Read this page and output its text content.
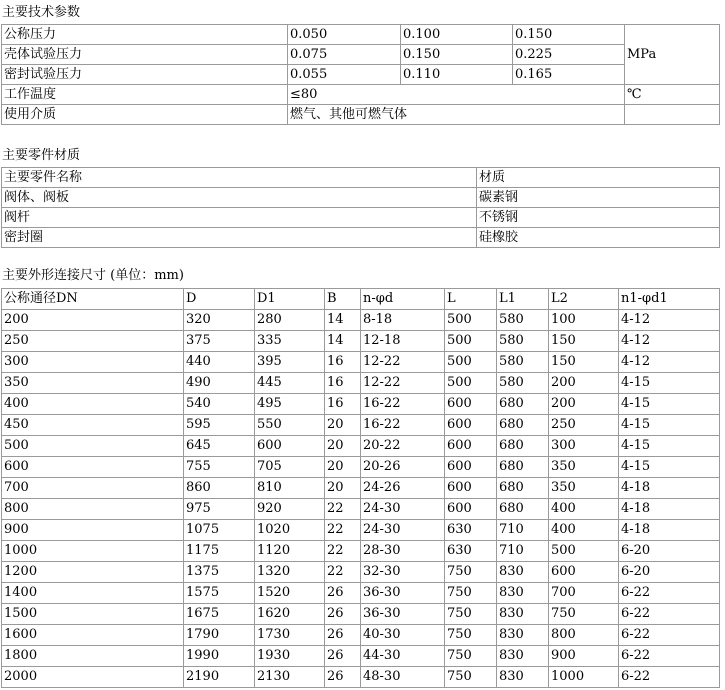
主要技术参数
公称压力	0.050	0.100	0.150	MPa
壳体试验压力	0.075	0.150	0.225	
密封试验压力	0.055	0.110	0.165	
工作温度	≤80			℃
使用介质	燃气、其他可燃气体			
主要零件材质
主要零件名称	材质
阀体、阀板	碳素钢
阀杆	不锈钢
密封圈	硅橡胶
主要外形连接尺寸 (单位：mm)
公称通径DN	D	D1	B	n-φd	L	L1	L2	n1-φd1
200	320	280	14	8-18	500	580	100	4-12
250	375	335	14	12-18	500	580	150	4-12
300	440	395	16	12-22	500	580	150	4-12
350	490	445	16	12-22	500	580	200	4-15
400	540	495	16	16-22	600	680	200	4-15
450	595	550	20	16-22	600	680	250	4-15
500	645	600	20	20-22	600	680	300	4-15
600	755	705	20	20-26	600	680	350	4-15
700	860	810	20	24-26	600	680	350	4-18
800	975	920	22	24-30	600	680	400	4-18
900	1075	1020	22	24-30	630	710	400	4-18
1000	1175	1120	22	28-30	630	710	500	6-20
1200	1375	1320	22	32-30	750	830	600	6-20
1400	1575	1520	26	36-30	750	830	700	6-22
1500	1675	1620	26	36-30	750	830	750	6-22
1600	1790	1730	26	40-30	750	830	800	6-22
1800	1990	1930	26	44-30	750	830	900	6-22
2000	2190	2130	26	48-30	750	830	1000	6-22
